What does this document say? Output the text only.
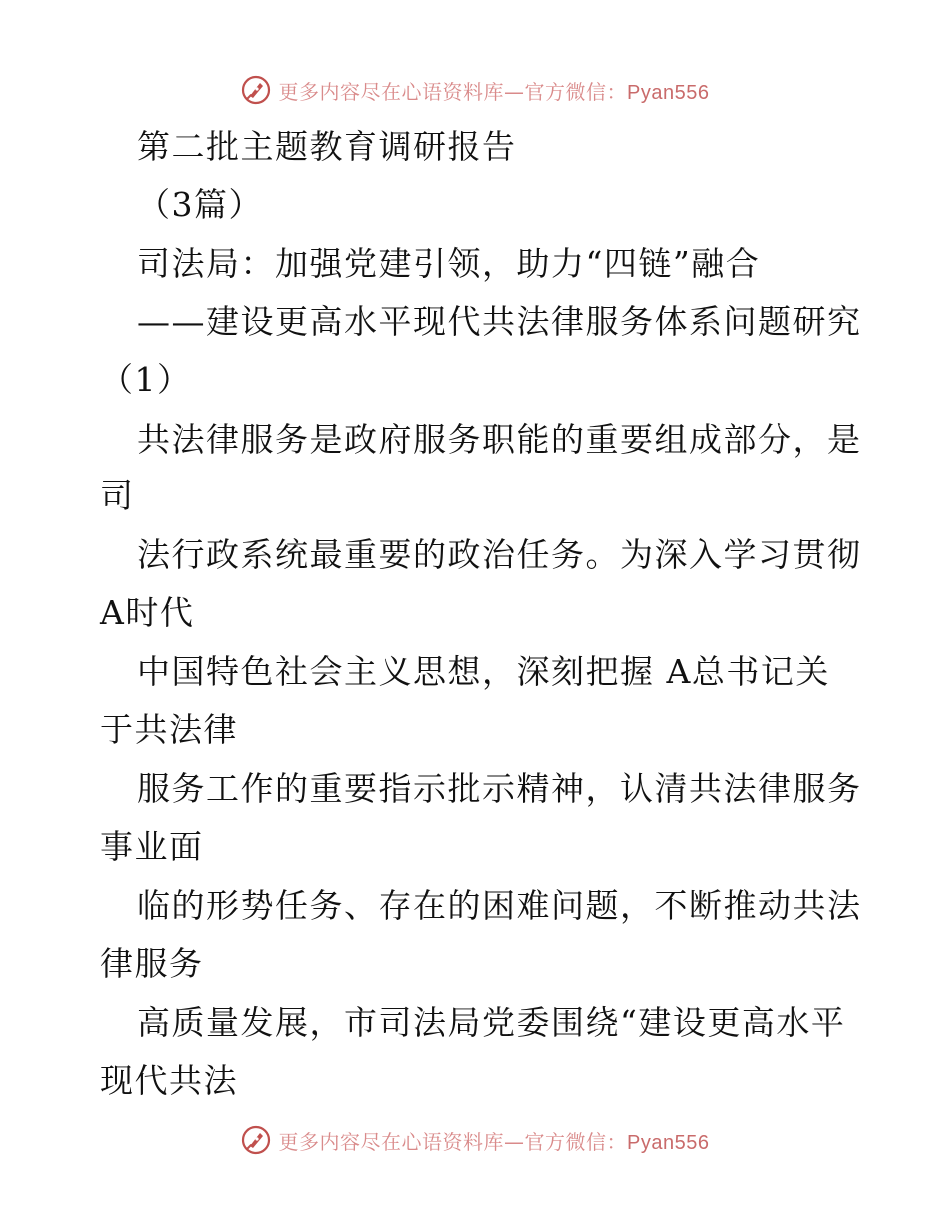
更多内容尽在心语资料库—官方微信：Pyan556
第二批主题教育调研报告
（3篇）
司法局：加强党建引领，助力“四链”融合
——建设更高水平现代共法律服务体系问题研究
（1）
共法律服务是政府服务职能的重要组成部分，是
司
法行政系统最重要的政治任务。为深入学习贯彻
A时代
中国特色社会主义思想，深刻把握 A总书记关
于共法律
服务工作的重要指示批示精神，认清共法律服务
事业面
临的形势任务、存在的困难问题，不断推动共法
律服务
高质量发展，市司法局党委围绕“建设更高水平
现代共法
更多内容尽在心语资料库—官方微信：Pyan556
